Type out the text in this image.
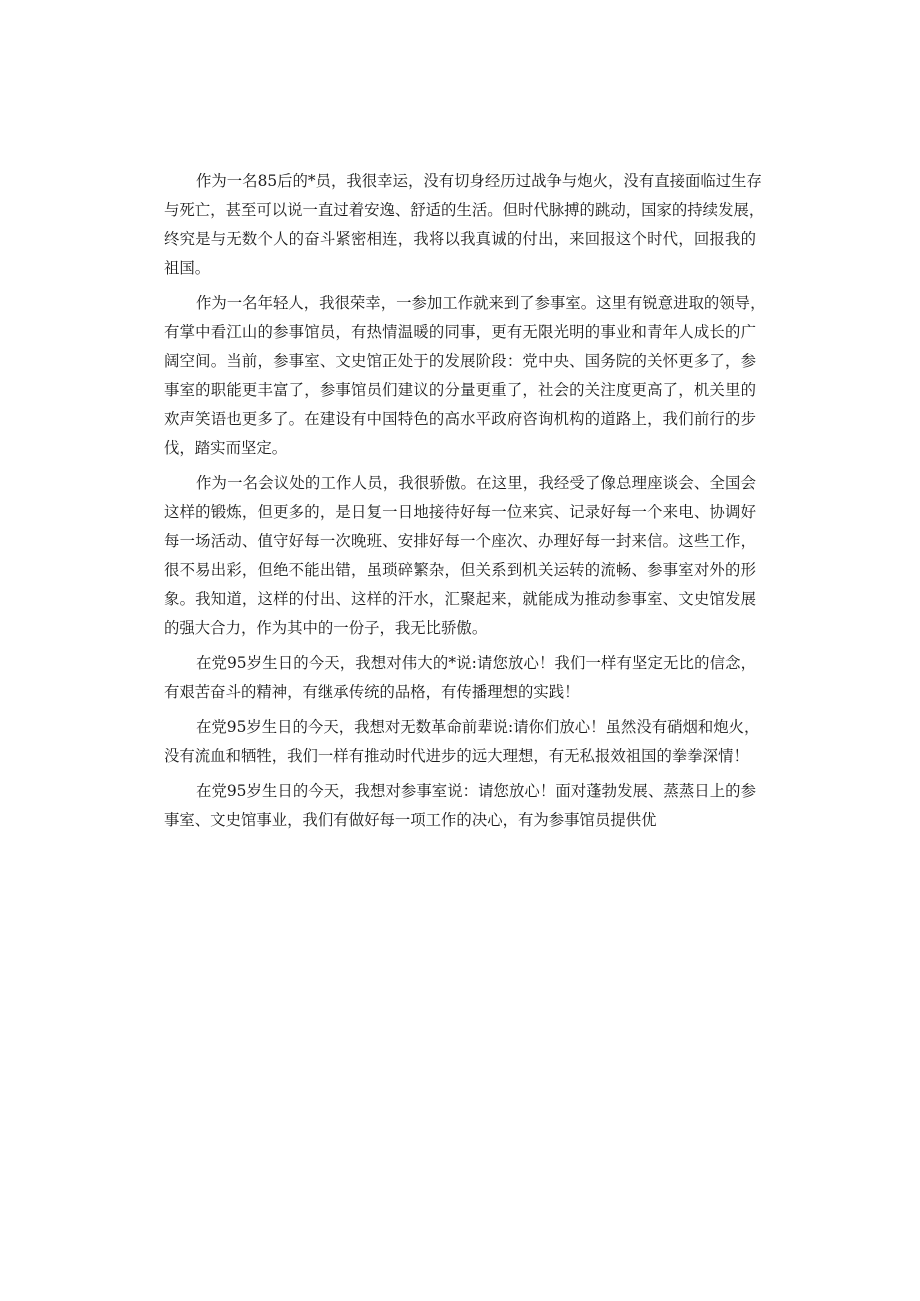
作为一名85后的*员，我很幸运，没有切身经历过战争与炮火，没有直接面临过生存
与死亡，甚至可以说一直过着安逸、舒适的生活。但时代脉搏的跳动，国家的持续发展，
终究是与无数个人的奋斗紧密相连，我将以我真诚的付出，来回报这个时代，回报我的
祖国。
作为一名年轻人，我很荣幸，一参加工作就来到了参事室。这里有锐意进取的领导，
有掌中看江山的参事馆员，有热情温暖的同事，更有无限光明的事业和青年人成长的广
阔空间。当前，参事室、文史馆正处于的发展阶段：党中央、国务院的关怀更多了，参
事室的职能更丰富了，参事馆员们建议的分量更重了，社会的关注度更高了，机关里的
欢声笑语也更多了。在建设有中国特色的高水平政府咨询机构的道路上，我们前行的步
伐，踏实而坚定。
作为一名会议处的工作人员，我很骄傲。在这里，我经受了像总理座谈会、全国会
这样的锻炼，但更多的，是日复一日地接待好每一位来宾、记录好每一个来电、协调好
每一场活动、值守好每一次晚班、安排好每一个座次、办理好每一封来信。这些工作，
很不易出彩，但绝不能出错，虽琐碎繁杂，但关系到机关运转的流畅、参事室对外的形
象。我知道，这样的付出、这样的汗水，汇聚起来，就能成为推动参事室、文史馆发展
的强大合力，作为其中的一份子，我无比骄傲。
在党95岁生日的今天，我想对伟大的*说:请您放心！我们一样有坚定无比的信念，
有艰苦奋斗的精神，有继承传统的品格，有传播理想的实践！
在党95岁生日的今天，我想对无数革命前辈说:请你们放心！虽然没有硝烟和炮火，
没有流血和牺牲，我们一样有推动时代进步的远大理想，有无私报效祖国的拳拳深情！
在党95岁生日的今天，我想对参事室说：请您放心！面对蓬勃发展、蒸蒸日上的参
事室、文史馆事业，我们有做好每一项工作的决心，有为参事馆员提供优
